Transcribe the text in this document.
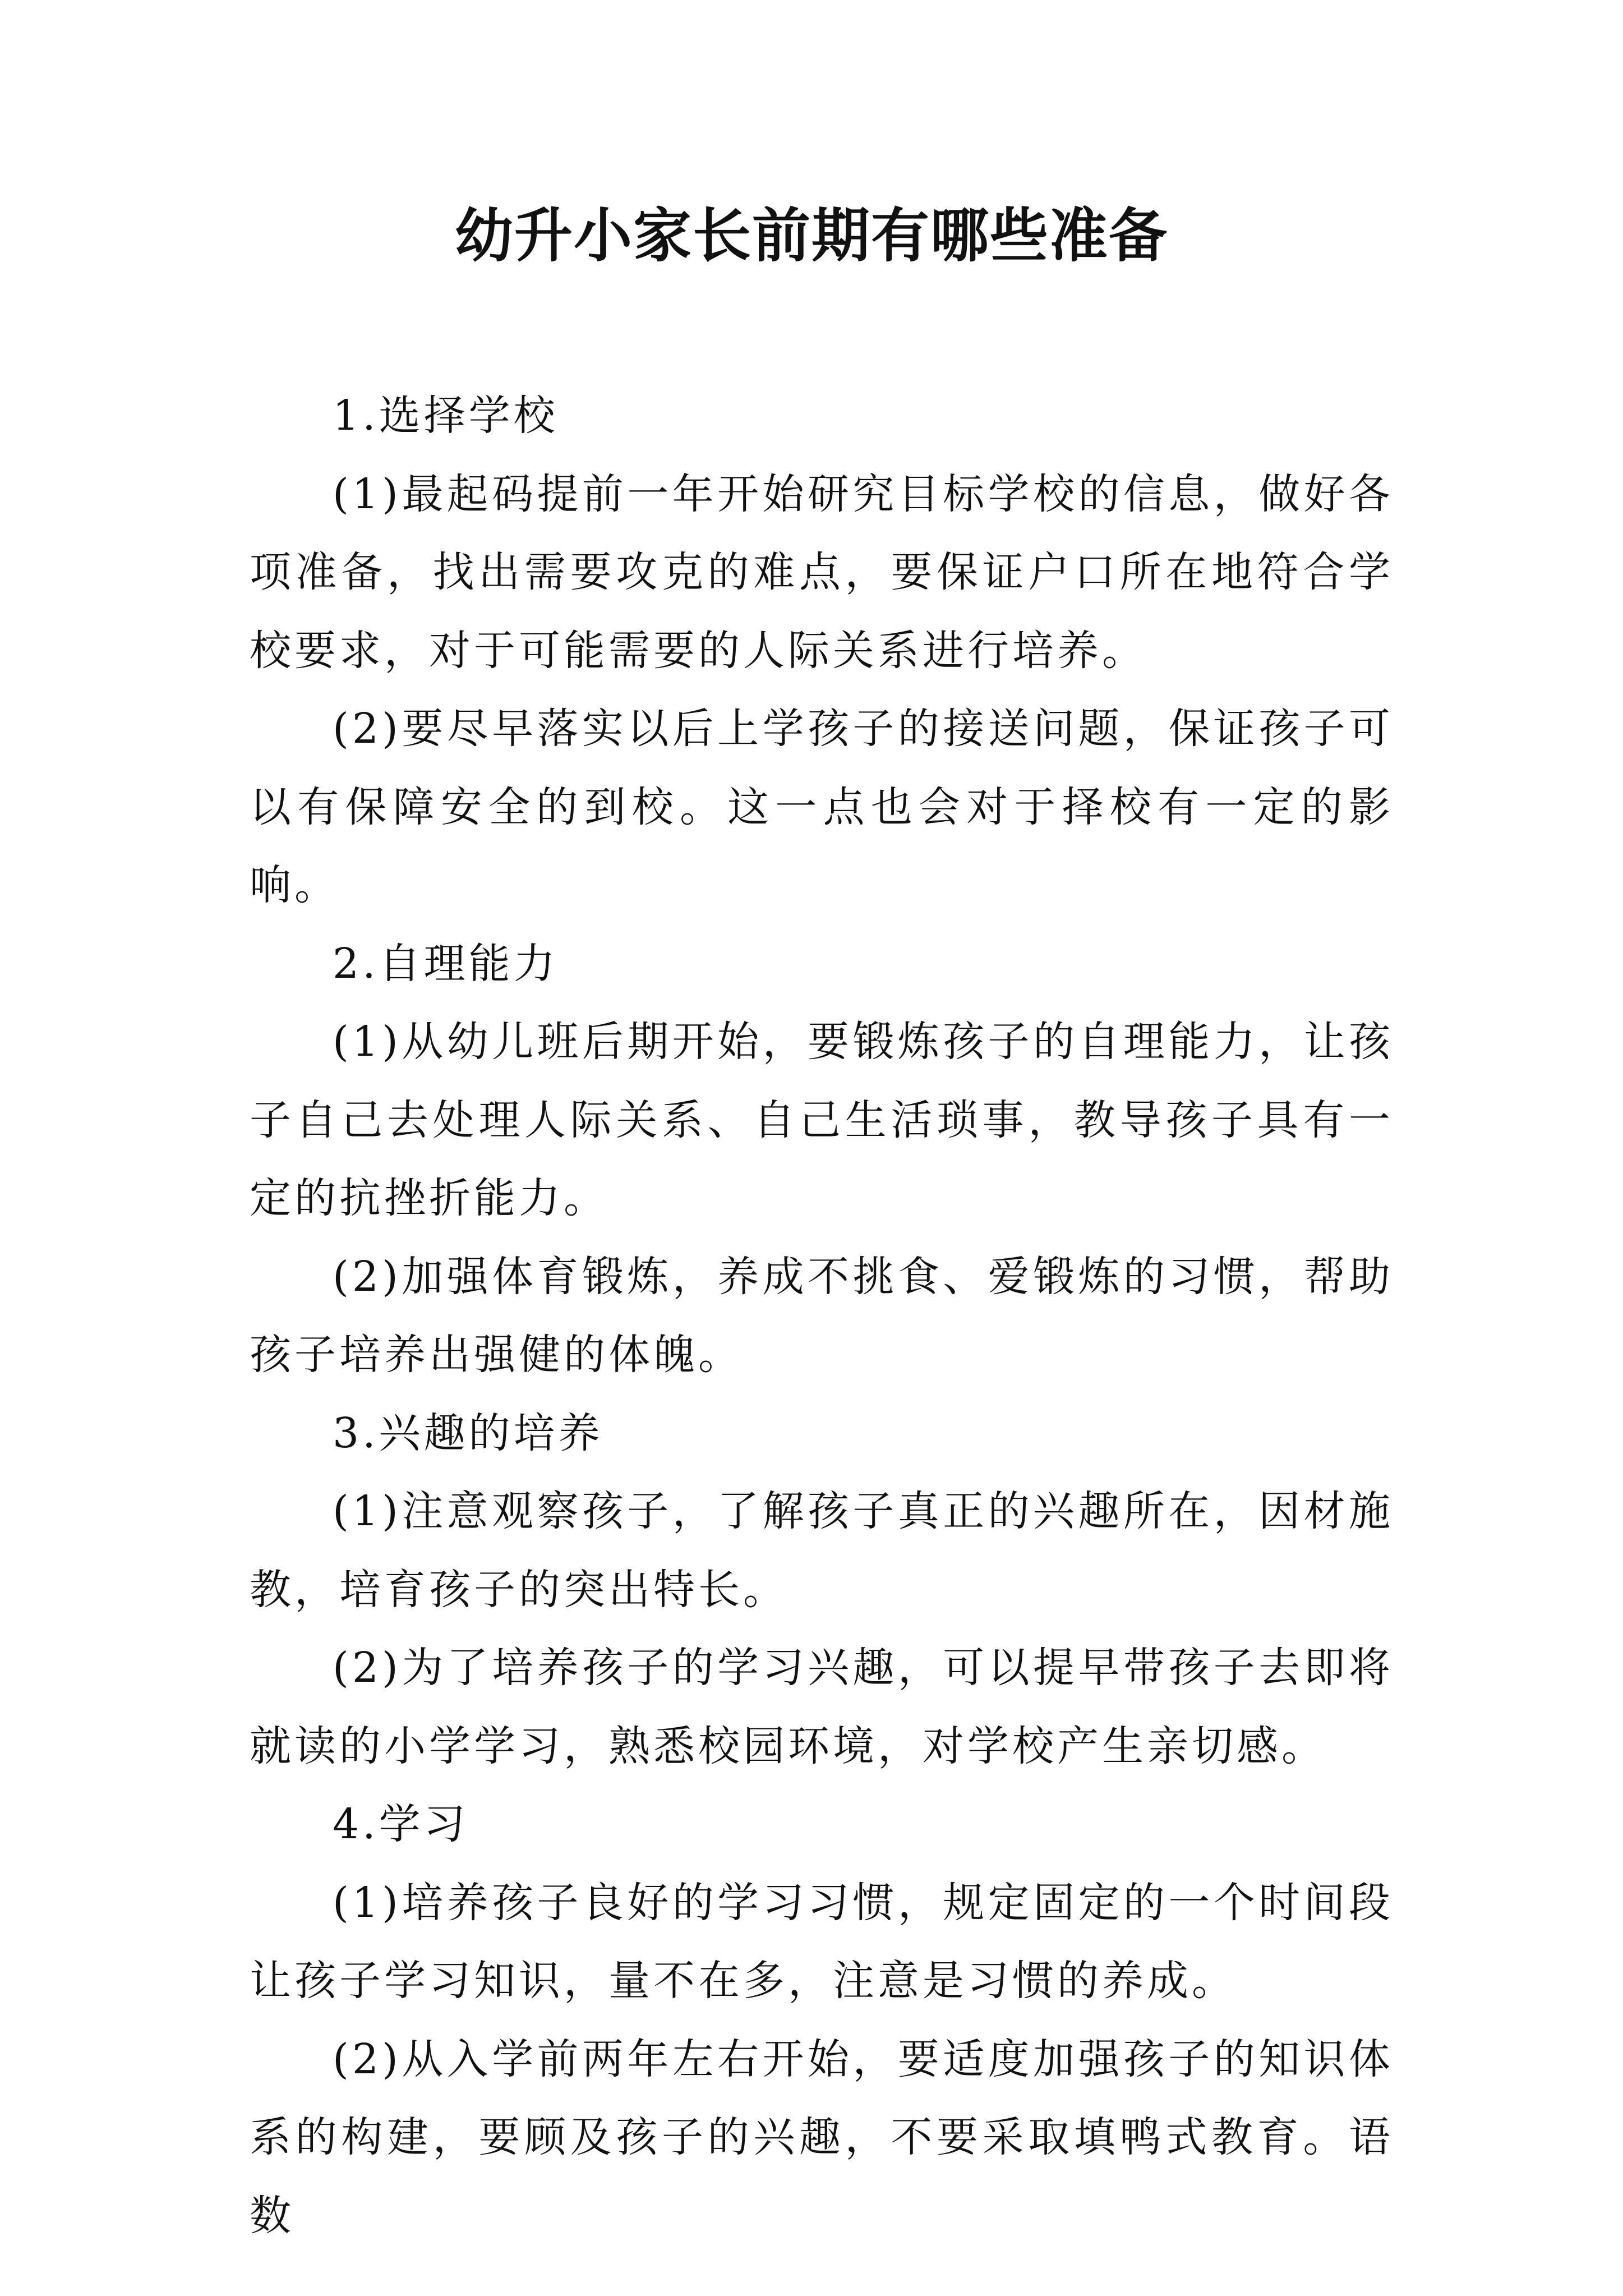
幼升小家长前期有哪些准备

1.选择学校

(1)最起码提前一年开始研究目标学校的信息，做好各项准备，找出需要攻克的难点，要保证户口所在地符合学校要求，对于可能需要的人际关系进行培养。

(2)要尽早落实以后上学孩子的接送问题，保证孩子可以有保障安全的到校。这一点也会对于择校有一定的影响。

2.自理能力

(1)从幼儿班后期开始，要锻炼孩子的自理能力，让孩子自己去处理人际关系、自己生活琐事，教导孩子具有一定的抗挫折能力。

(2)加强体育锻炼，养成不挑食、爱锻炼的习惯，帮助孩子培养出强健的体魄。

3.兴趣的培养

(1)注意观察孩子，了解孩子真正的兴趣所在，因材施教，培育孩子的突出特长。

(2)为了培养孩子的学习兴趣，可以提早带孩子去即将就读的小学学习，熟悉校园环境，对学校产生亲切感。

4.学习

(1)培养孩子良好的学习习惯，规定固定的一个时间段让孩子学习知识，量不在多，注意是习惯的养成。

(2)从入学前两年左右开始，要适度加强孩子的知识体系的构建，要顾及孩子的兴趣，不要采取填鸭式教育。语数
